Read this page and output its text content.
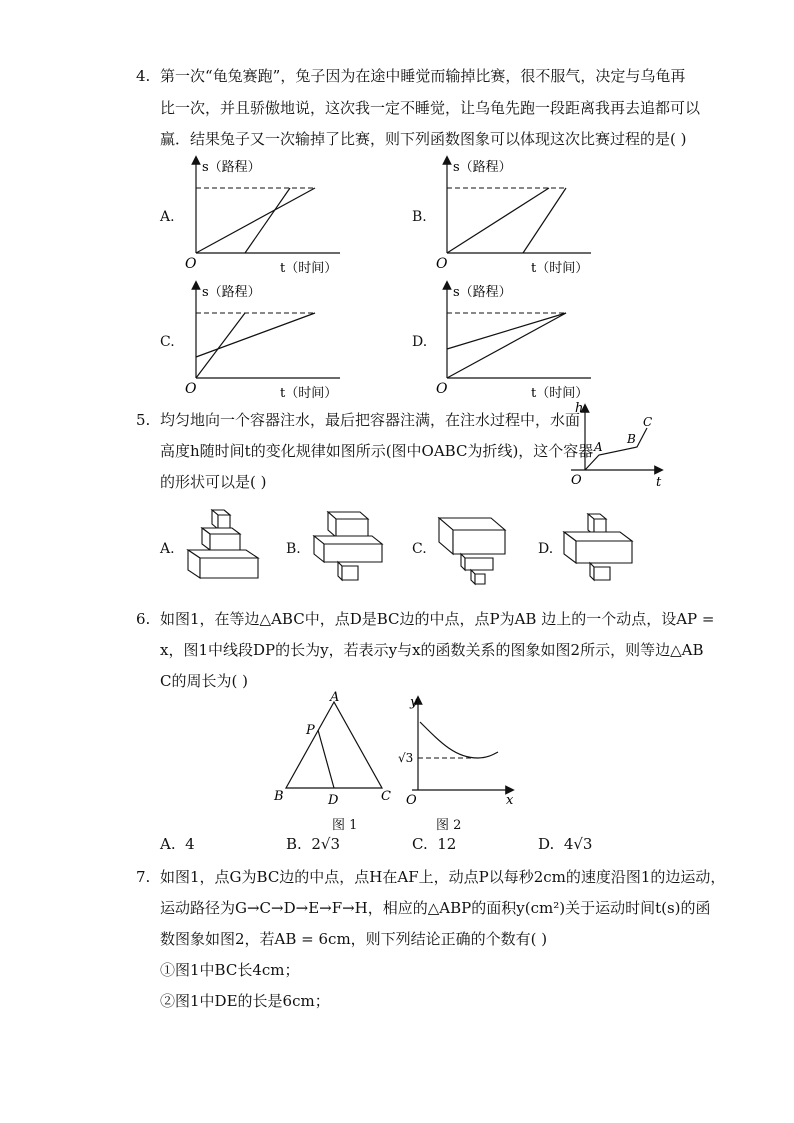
4. 第一次“龟兔赛跑”，兔子因为在途中睡觉而输掉比赛，很不服气，决定与乌龟再
比一次，并且骄傲地说，这次我一定不睡觉，让乌龟先跑一段距离我再去追都可以
赢．结果兔子又一次输掉了比赛，则下列函数图象可以体现这次比赛过程的是( )
A.	B.
C.	D.
s（路程）
t（时间）
O
s（路程）
t（时间）
O
s（路程）
t（时间）
O
s（路程）
t（时间）
O
5. 均匀地向一个容器注水，最后把容器注满，在注水过程中，水面
高度h随时间t的变化规律如图所示(图中OABC为折线)，这个容器
的形状可以是( )
h
t
O
A
B
C
A.	B.	C.	D.
6. 如图1，在等边△ABC中，点D是BC边的中点，点P为AB 边上的一个动点，设AP =
x，图1中线段DP的长为y，若表示y与x的函数关系的图象如图2所示，则等边△AB
C的周长为( )
A
B	C
D
P
图 1
y
x
O
√3
图 2
A. 4	B. 2√3	C. 12	D. 4√3
7. 如图1，点G为BC边的中点，点H在AF上，动点P以每秒2cm的速度沿图1的边运动，
运动路径为G→C→D→E→F→H，相应的△ABP的面积y(cm²)关于运动时间t(s)的函
数图象如图2，若AB = 6cm，则下列结论正确的个数有( )
①图1中BC长4cm；
②图1中DE的长是6cm；
